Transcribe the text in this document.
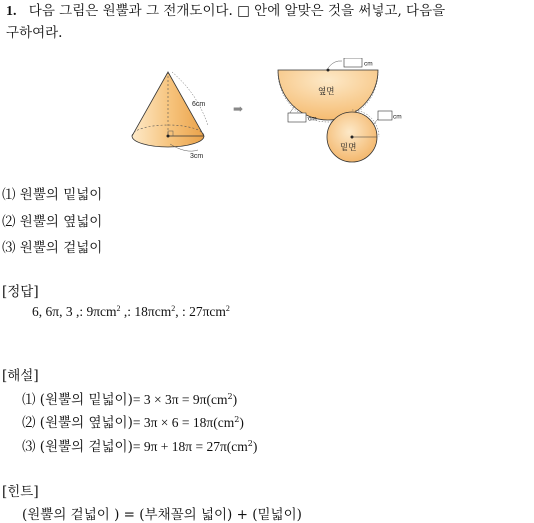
1. 다음 그림은 원뿔과 그 전개도이다. □ 안에 알맞은 것을 써넣고, 다음을
구하여라.
6cm
3cm
➡
cm
옆면
cm	cm
밑면
⑴ 원뿔의 밑넓이
⑵ 원뿔의 옆넓이
⑶ 원뿔의 겉넓이
[정답]
6, 6π, 3 ,: 9πcm$^2$ ,: 18πcm$^2$, : 27πcm$^2$
[해설]
⑴ (원뿔의 밑넓이)= $3 \times 3\pi = 9\pi(cm^2)$
⑵ (원뿔의 옆넓이)= $3\pi \times 6 = 18\pi(cm^2)$
⑶ (원뿔의 겉넓이)= $9\pi + 18\pi = 27\pi(cm^2)$
[힌트]
(원뿔의 겉넓이 ) = (부채꼴의 넓이) + (밑넓이)
